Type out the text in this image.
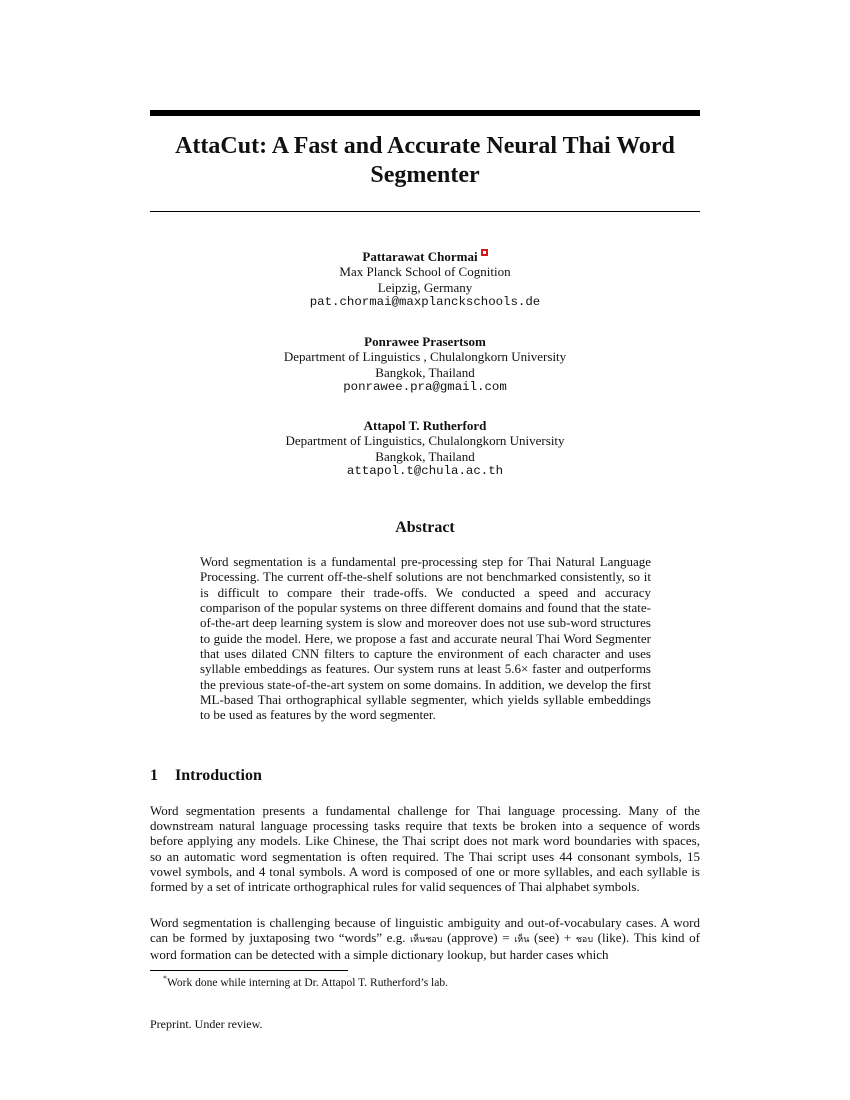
AttaCut: A Fast and Accurate Neural Thai Word Segmenter
Pattarawat Chormai
Max Planck School of Cognition
Leipzig, Germany
pat.chormai@maxplanckschools.de
Ponrawee Prasertsom
Department of Linguistics , Chulalongkorn University
Bangkok, Thailand
ponrawee.pra@gmail.com
Attapol T. Rutherford
Department of Linguistics, Chulalongkorn University
Bangkok, Thailand
attapol.t@chula.ac.th
Abstract

Word segmentation is a fundamental pre-processing step for Thai Natural Language Processing. The current off-the-shelf solutions are not benchmarked consistently, so it is difficult to compare their trade-offs. We conducted a speed and accuracy comparison of the popular systems on three different domains and found that the state-of-the-art deep learning system is slow and moreover does not use sub-word structures to guide the model. Here, we propose a fast and accurate neural Thai Word Segmenter that uses dilated CNN filters to capture the environment of each character and uses syllable embeddings as features. Our system runs at least 5.6× faster and outperforms the previous state-of-the-art system on some domains. In addition, we develop the first ML-based Thai orthographical syllable segmenter, which yields syllable embeddings to be used as features by the word segmenter.

1 Introduction

Word segmentation presents a fundamental challenge for Thai language processing. Many of the downstream natural language processing tasks require that texts be broken into a sequence of words before applying any models. Like Chinese, the Thai script does not mark word boundaries with spaces, so an automatic word segmentation is often required. The Thai script uses 44 consonant symbols, 15 vowel symbols, and 4 tonal symbols. A word is composed of one or more syllables, and each syllable is formed by a set of intricate orthographical rules for valid sequences of Thai alphabet symbols.

Word segmentation is challenging because of linguistic ambiguity and out-of-vocabulary cases. A word can be formed by juxtaposing two “words” e.g. เห็นชอบ (approve) = เห็น (see) + ชอบ (like). This kind of word formation can be detected with a simple dictionary lookup, but harder cases which

*Work done while interning at Dr. Attapol T. Rutherford’s lab.

Preprint. Under review.
